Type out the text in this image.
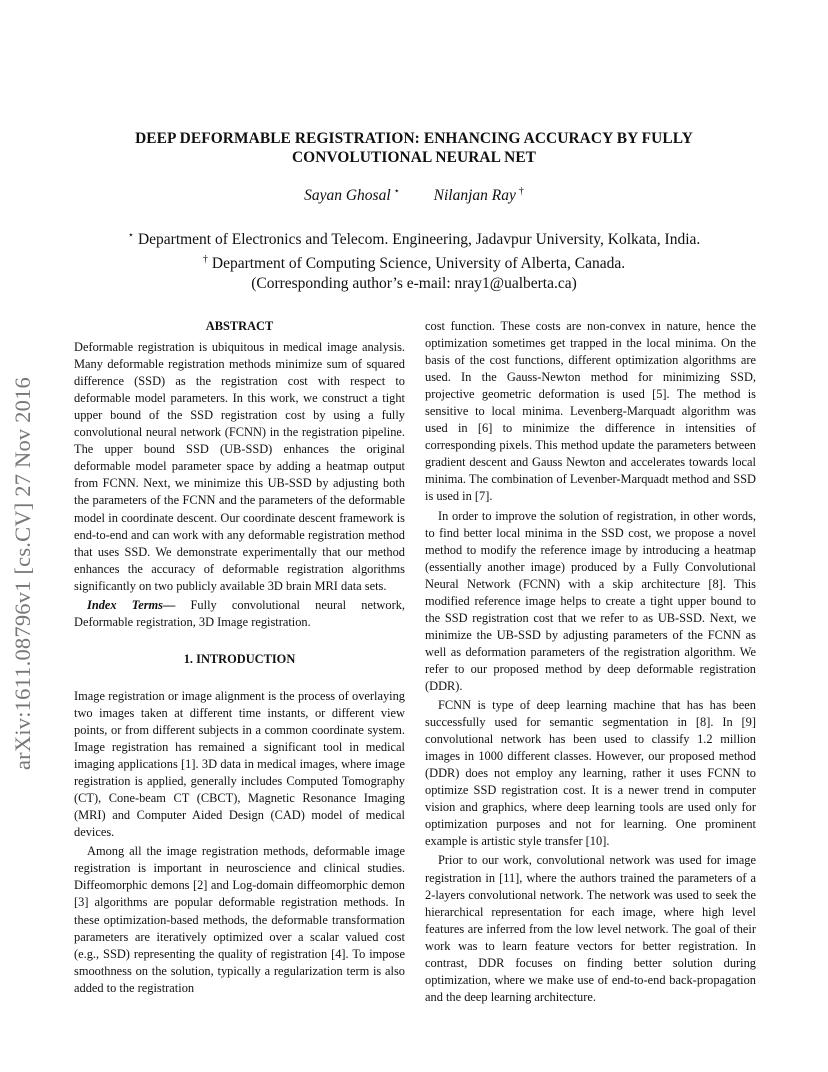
arXiv:1611.08796v1 [cs.CV] 27 Nov 2016
DEEP DEFORMABLE REGISTRATION: ENHANCING ACCURACY BY FULLY
CONVOLUTIONAL NEURAL NET
Sayan Ghosal ⋆ Nilanjan Ray †
⋆ Department of Electronics and Telecom. Engineering, Jadavpur University, Kolkata, India.
† Department of Computing Science, University of Alberta, Canada.
(Corresponding author’s e-mail: nray1@ualberta.ca)
ABSTRACT

Deformable registration is ubiquitous in medical image analysis. Many deformable registration methods minimize sum of squared difference (SSD) as the registration cost with respect to deformable model parameters. In this work, we construct a tight upper bound of the SSD registration cost by using a fully convolutional neural network (FCNN) in the registration pipeline. The upper bound SSD (UB-SSD) enhances the original deformable model parameter space by adding a heatmap output from FCNN. Next, we minimize this UB-SSD by adjusting both the parameters of the FCNN and the parameters of the deformable model in coordinate descent. Our coordinate descent framework is end-to-end and can work with any deformable registration method that uses SSD. We demonstrate experimentally that our method enhances the accuracy of deformable registration algorithms significantly on two publicly available 3D brain MRI data sets.

Index Terms— Fully convolutional neural network, Deformable registration, 3D Image registration.

1. INTRODUCTION

Image registration or image alignment is the process of overlaying two images taken at different time instants, or different view points, or from different subjects in a common coordinate system. Image registration has remained a significant tool in medical imaging applications [1]. 3D data in medical images, where image registration is applied, generally includes Computed Tomography (CT), Cone-beam CT (CBCT), Magnetic Resonance Imaging (MRI) and Computer Aided Design (CAD) model of medical devices.

Among all the image registration methods, deformable image registration is important in neuroscience and clinical studies. Diffeomorphic demons [2] and Log-domain diffeomorphic demon [3] algorithms are popular deformable registration methods. In these optimization-based methods, the deformable transformation parameters are iteratively optimized over a scalar valued cost (e.g., SSD) representing the quality of registration [4]. To impose smoothness on the solution, typically a regularization term is also added to the registration

cost function. These costs are non-convex in nature, hence the optimization sometimes get trapped in the local minima. On the basis of the cost functions, different optimization algorithms are used. In the Gauss-Newton method for minimizing SSD, projective geometric deformation is used [5]. The method is sensitive to local minima. Levenberg-Marquadt algorithm was used in [6] to minimize the difference in intensities of corresponding pixels. This method update the parameters between gradient descent and Gauss Newton and accelerates towards local minima. The combination of Levenber-Marquadt method and SSD is used in [7].

In order to improve the solution of registration, in other words, to find better local minima in the SSD cost, we propose a novel method to modify the reference image by introducing a heatmap (essentially another image) produced by a Fully Convolutional Neural Network (FCNN) with a skip architecture [8]. This modified reference image helps to create a tight upper bound to the SSD registration cost that we refer to as UB-SSD. Next, we minimize the UB-SSD by adjusting parameters of the FCNN as well as deformation parameters of the registration algorithm. We refer to our proposed method by deep deformable registration (DDR).

FCNN is type of deep learning machine that has has been successfully used for semantic segmentation in [8]. In [9] convolutional network has been used to classify 1.2 million images in 1000 different classes. However, our proposed method (DDR) does not employ any learning, rather it uses FCNN to optimize SSD registration cost. It is a newer trend in computer vision and graphics, where deep learning tools are used only for optimization purposes and not for learning. One prominent example is artistic style transfer [10].

Prior to our work, convolutional network was used for image registration in [11], where the authors trained the parameters of a 2-layers convolutional network. The network was used to seek the hierarchical representation for each image, where high level features are inferred from the low level network. The goal of their work was to learn feature vectors for better registration. In contrast, DDR focuses on finding better solution during optimization, where we make use of end-to-end back-propagation and the deep learning architecture.
